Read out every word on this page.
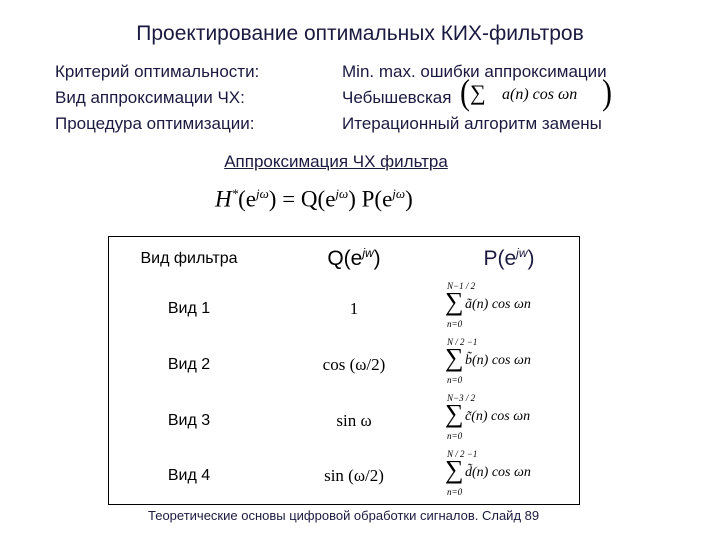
Проектирование оптимальных КИХ-фильтров
Критерий оптимальности:	Min. max. ошибки аппроксимации
Вид аппроксимации ЧХ:	Чебышевская
Процедура оптимизации:	Итерационный алгоритм замены
( ∑ a(n) cos ωn )
Аппроксимация ЧХ фильтра
$H^*(e^{j\omega}) = Q(e^{j\omega})$ $P(e^{j\omega})$
Вид фильтра	$Q(e^{jw})$	$P(e^{jw})$

Вид 1	1	N−1 / 2
∑ ã(n) cos ωn
n=0

Вид 2	cos (ω/2)	N / 2 −1
∑ b̃(n) cos ωn
n=0

Вид 3	sin ω	N−3 / 2
∑ c̃(n) cos ωn
n=0

Вид 4	sin (ω/2)	N / 2 −1
∑ d̃(n) cos ωn
n=0
Теоретические основы цифровой обработки сигналов. Слайд 89
